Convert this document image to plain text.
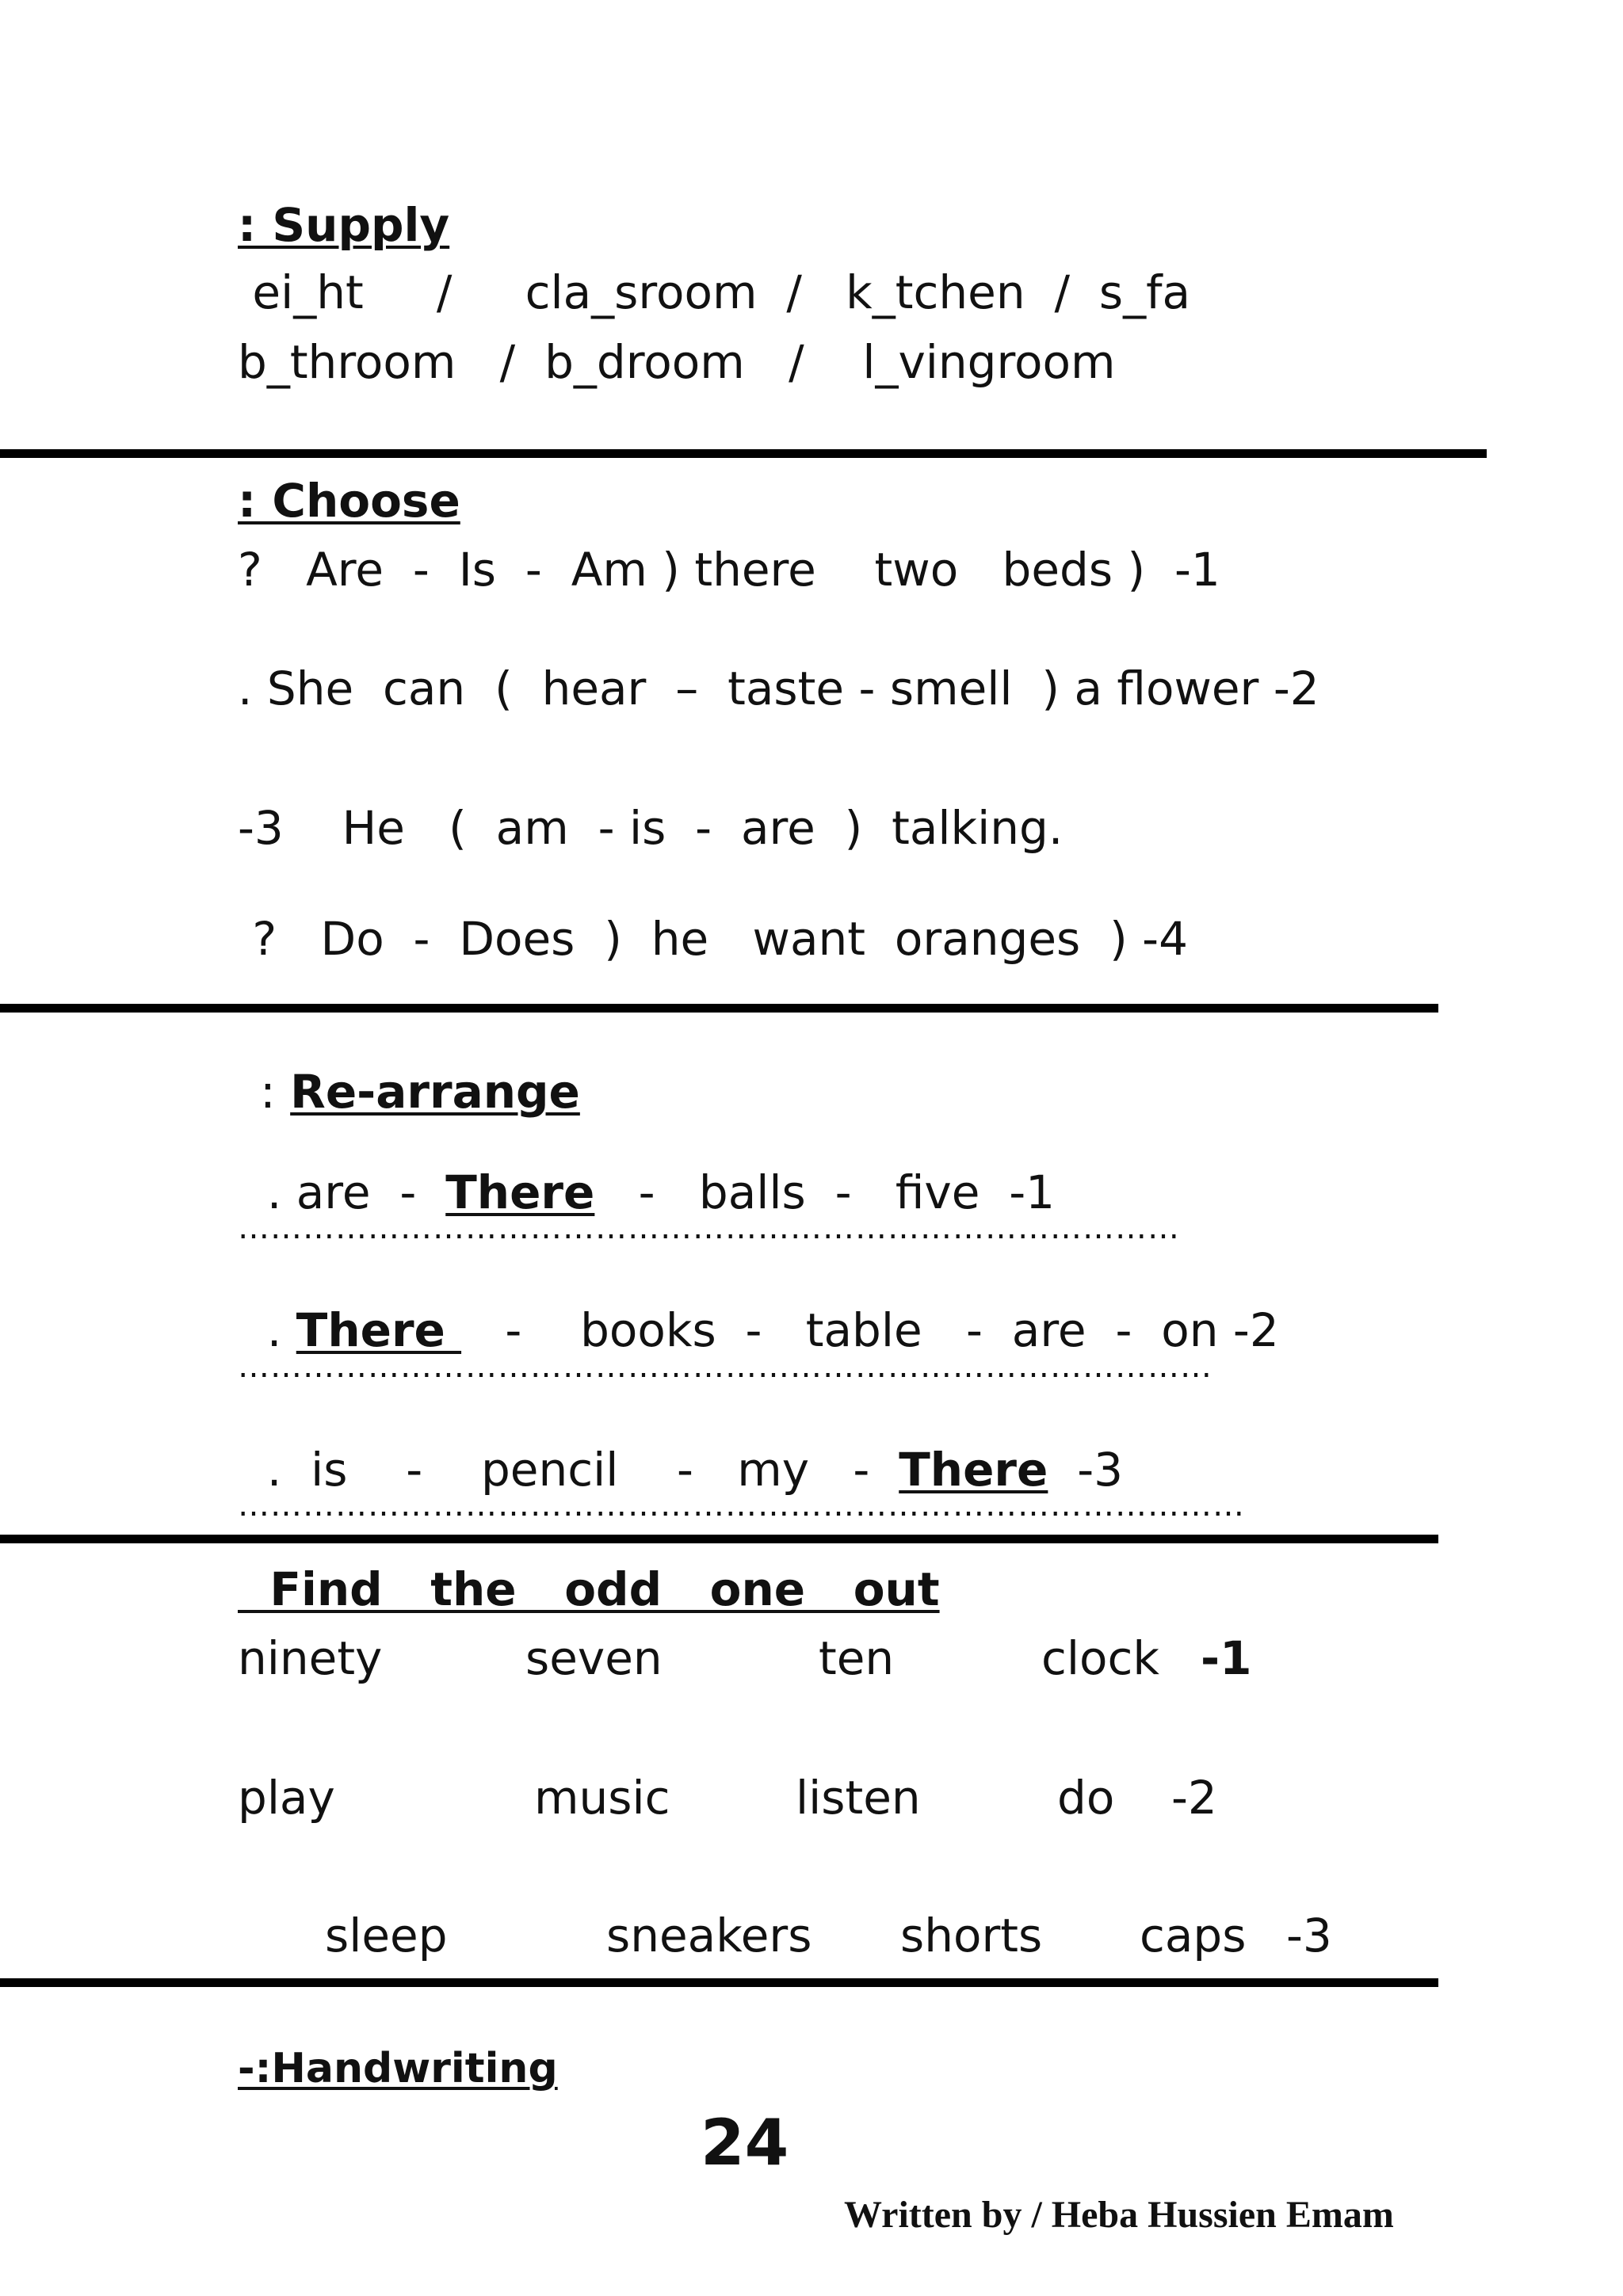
: Supply
ei_ht     /     cla_sroom  /   k_tchen  /  s_fa
b_throom   /  b_droom   /    l_vingroom
: Choose
?   Are  -  Is  -  Am ) there    two   beds )  -1
. She  can  (  hear  –  taste - smell  ) a flower -2
-3    He   (  am  - is  -  are  )  talking.
?   Do  -  Does  )  he   want  oranges  ) -4

: Re-arrange

. are  -  There   -   balls  -   five  -1

……………………………………………………………………………

. There    -    books  -   table   -  are  -  on -2

………………………………………………………………………………

.  is    -    pencil    -   my   -  There  -3

…………………………………………………………………………………
Find   the   odd   one   out
ninety	seven	ten	clock -1
play	music	listen	do -2
sleep	sneakers shorts caps -3
-:Handwriting
24
Written by / Heba Hussien Emam
